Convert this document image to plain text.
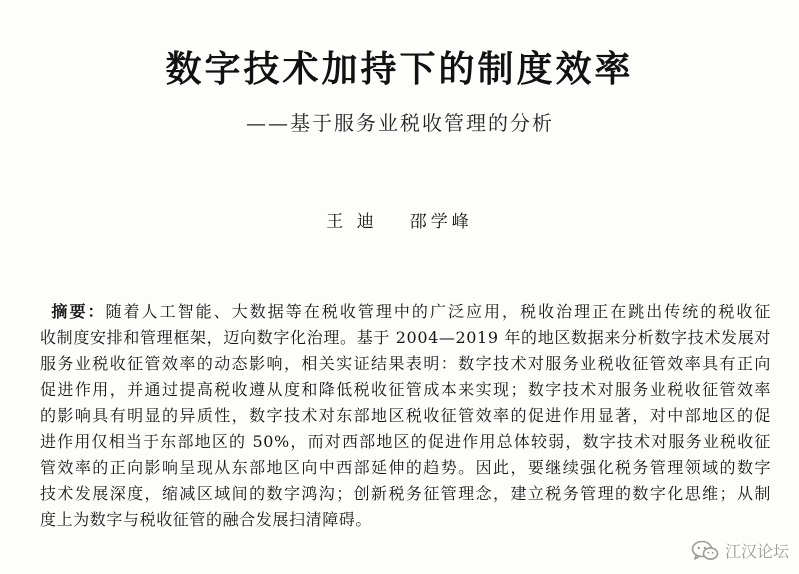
数字技术加持下的制度效率
——基于服务业税收管理的分析
王 迪 邵学峰
摘要：随着人工智能、大数据等在税收管理中的广泛应用，税收治理正在跳出传统的税收征
收制度安排和管理框架，迈向数字化治理。基于 2004—2019 年的地区数据来分析数字技术发展对
服务业税收征管效率的动态影响，相关实证结果表明：数字技术对服务业税收征管效率具有正向
促进作用，并通过提高税收遵从度和降低税收征管成本来实现；数字技术对服务业税收征管效率
的影响具有明显的异质性，数字技术对东部地区税收征管效率的促进作用显著，对中部地区的促
进作用仅相当于东部地区的 50%，而对西部地区的促进作用总体较弱，数字技术对服务业税收征
管效率的正向影响呈现从东部地区向中西部延伸的趋势。因此，要继续强化税务管理领域的数字
技术发展深度，缩减区域间的数字鸿沟；创新税务征管理念，建立税务管理的数字化思维；从制
度上为数字与税收征管的融合发展扫清障碍。
江汉论坛
